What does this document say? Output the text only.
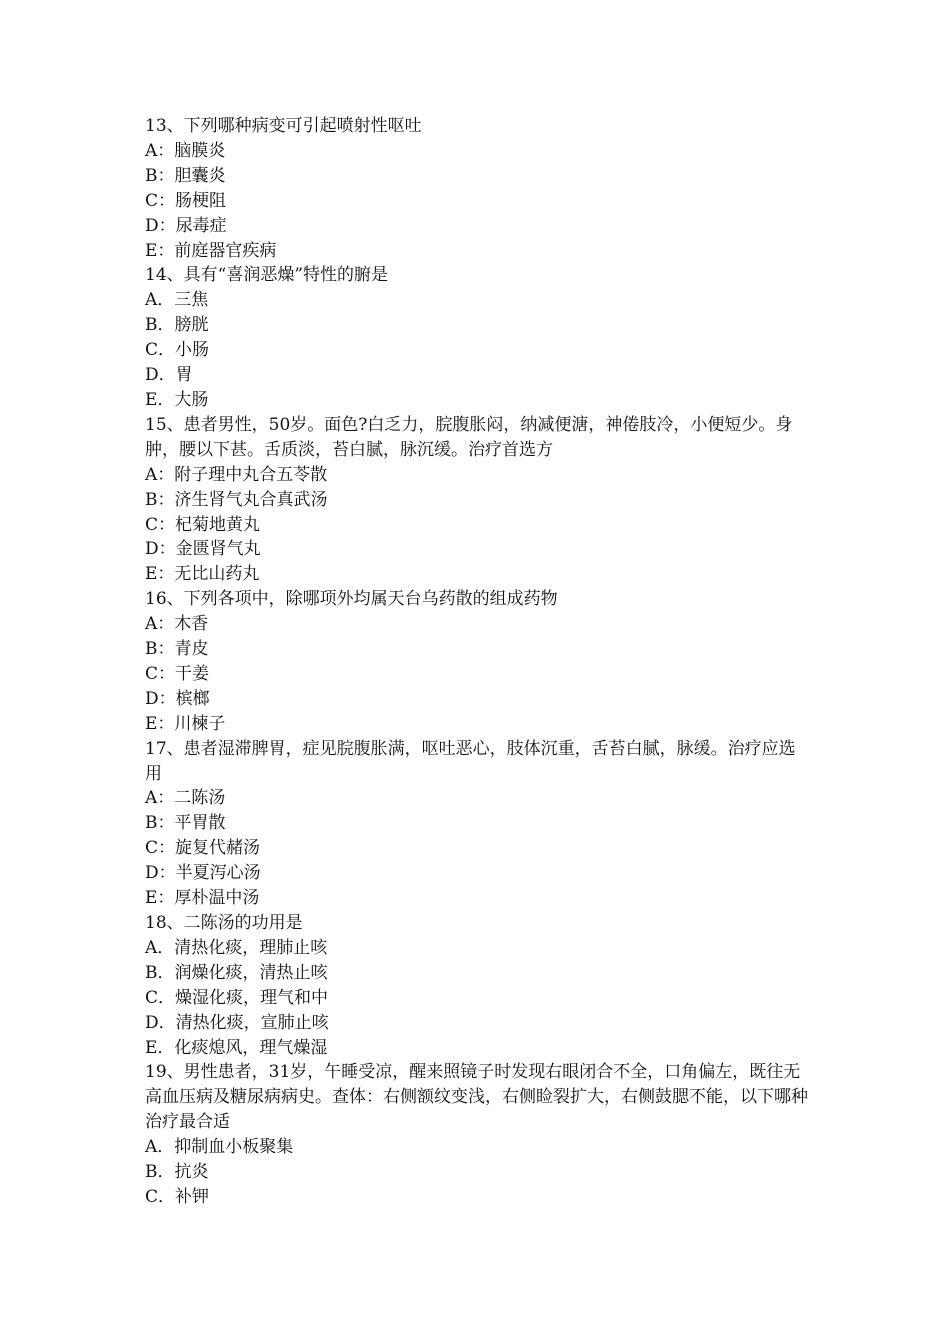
13、下列哪种病变可引起喷射性呕吐

A：脑膜炎

B：胆囊炎

C：肠梗阻

D：尿毒症

E：前庭器官疾病

14、具有“喜润恶燥”特性的腑是

A．三焦

B．膀胱

C．小肠

D．胃

E．大肠

15、患者男性，50岁。面色?白乏力，脘腹胀闷，纳减便溏，神倦肢冷，小便短少。身肿，腰以下甚。舌质淡，苔白腻，脉沉缓。治疗首选方

A：附子理中丸合五苓散

B：济生肾气丸合真武汤

C：杞菊地黄丸

D：金匮肾气丸

E：无比山药丸

16、下列各项中，除哪项外均属天台乌药散的组成药物

A：木香

B：青皮

C：干姜

D：槟榔

E：川楝子

17、患者湿滞脾胃，症见脘腹胀满，呕吐恶心，肢体沉重，舌苔白腻，脉缓。治疗应选用

A：二陈汤

B：平胃散

C：旋复代赭汤

D：半夏泻心汤

E：厚朴温中汤

18、二陈汤的功用是

A．清热化痰，理肺止咳

B．润燥化痰，清热止咳

C．燥湿化痰，理气和中

D．清热化痰，宣肺止咳

E．化痰熄风，理气燥湿

19、男性患者，31岁，午睡受凉，醒来照镜子时发现右眼闭合不全，口角偏左，既往无高血压病及糖尿病病史。查体：右侧额纹变浅，右侧睑裂扩大，右侧鼓腮不能，以下哪种治疗最合适

A．抑制血小板聚集

B．抗炎

C．补钾
